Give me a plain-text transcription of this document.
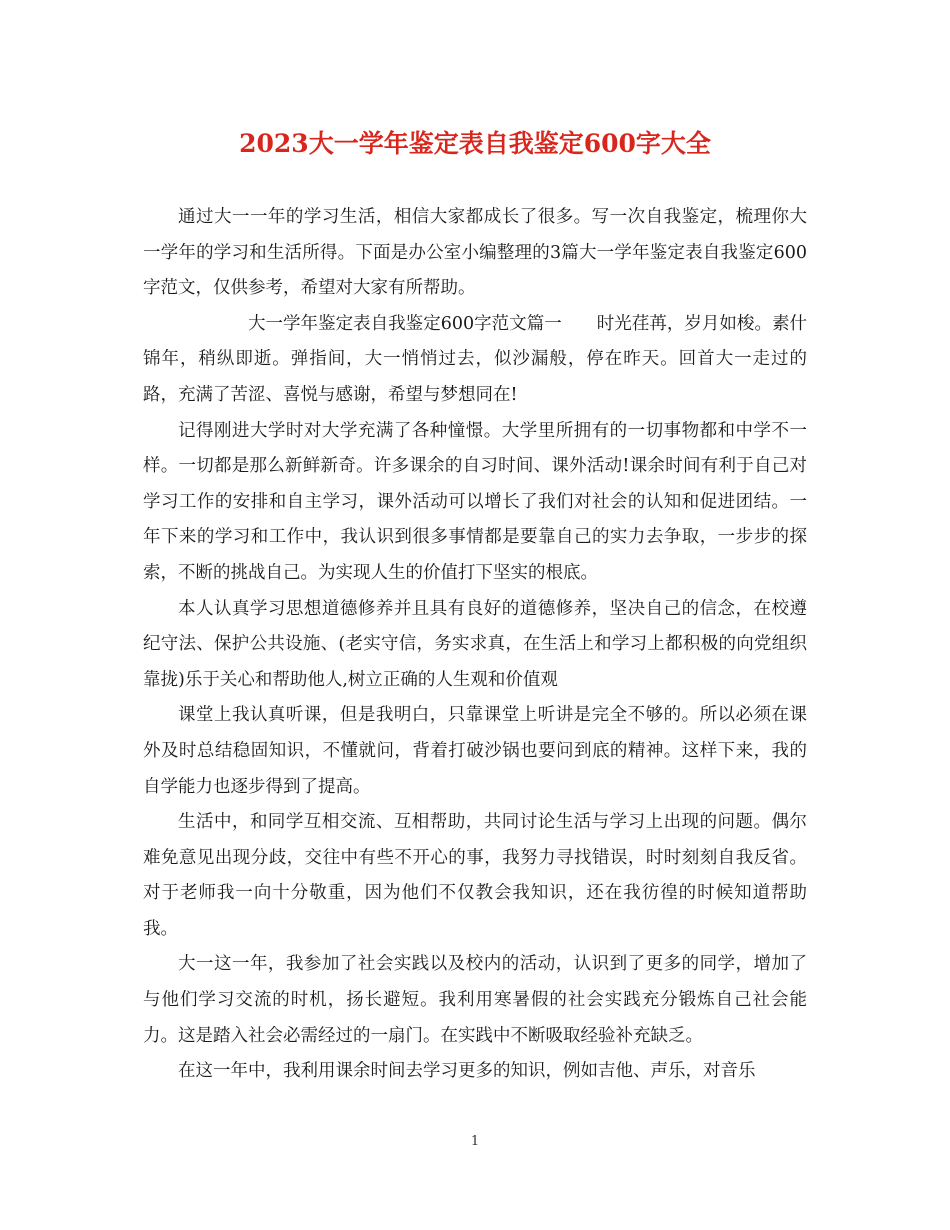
2023大一学年鉴定表自我鉴定600字大全

通过大一一年的学习生活，相信大家都成长了很多。写一次自我鉴定，梳理你大一学年的学习和生活所得。下面是办公室小编整理的3篇大一学年鉴定表自我鉴定600字范文，仅供参考，希望对大家有所帮助。

大一学年鉴定表自我鉴定600字范文篇一　　时光荏苒，岁月如梭。素什锦年，稍纵即逝。弹指间，大一悄悄过去，似沙漏般，停在昨天。回首大一走过的路，充满了苦涩、喜悦与感谢，希望与梦想同在!

记得刚进大学时对大学充满了各种憧憬。大学里所拥有的一切事物都和中学不一样。一切都是那么新鲜新奇。许多课余的自习时间、课外活动!课余时间有利于自己对学习工作的安排和自主学习，课外活动可以增长了我们对社会的认知和促进团结。一年下来的学习和工作中，我认识到很多事情都是要靠自己的实力去争取，一步步的探索，不断的挑战自己。为实现人生的价值打下坚实的根底。

本人认真学习思想道德修养并且具有良好的道德修养，坚决自己的信念，在校遵纪守法、保护公共设施、(老实守信，务实求真，在生活上和学习上都积极的向党组织靠拢)乐于关心和帮助他人,树立正确的人生观和价值观

课堂上我认真听课，但是我明白，只靠课堂上听讲是完全不够的。所以必须在课外及时总结稳固知识，不懂就问，背着打破沙锅也要问到底的精神。这样下来，我的自学能力也逐步得到了提高。

生活中，和同学互相交流、互相帮助，共同讨论生活与学习上出现的问题。偶尔难免意见出现分歧，交往中有些不开心的事，我努力寻找错误，时时刻刻自我反省。对于老师我一向十分敬重，因为他们不仅教会我知识，还在我彷徨的时候知道帮助我。

大一这一年，我参加了社会实践以及校内的活动，认识到了更多的同学，增加了与他们学习交流的时机，扬长避短。我利用寒暑假的社会实践充分锻炼自己社会能力。这是踏入社会必需经过的一扇门。在实践中不断吸取经验补充缺乏。

在这一年中，我利用课余时间去学习更多的知识，例如吉他、声乐，对音乐

1
